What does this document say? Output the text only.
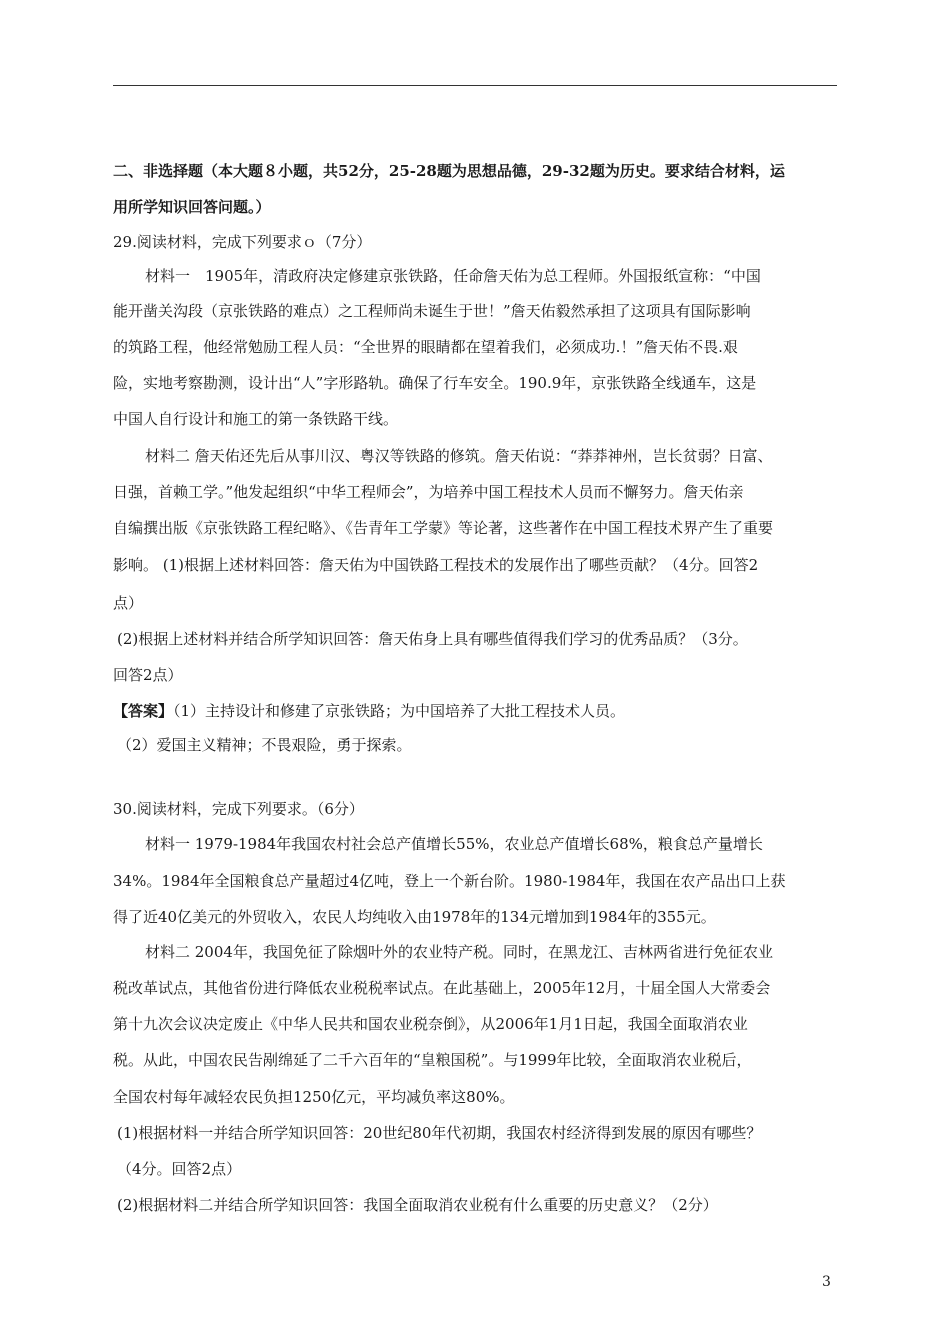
二、非选择题（本大题８小题，共52分，25-28题为思想品德，29-32题为历史。要求结合材料，运
用所学知识回答问题。）
29.阅读材料，完成下列要求ｏ（7分）
材料一　1905年，清政府决定修建京张铁路，任命詹天佑为总工程师。外国报纸宣称：“中国
能开凿关沟段（京张铁路的难点）之工程师尚未诞生于世！”詹天佑毅然承担了这项具有国际影响
的筑路工程，他经常勉励工程人员：“全世界的眼睛都在望着我们，必须成功.！”詹天佑不畏.艰
险，实地考察勘测，设计出“人”字形路轨。确保了行车安全。190.9年，京张铁路全线通车，这是
中国人自行设计和施工的第一条铁路干线。
材料二 詹天佑还先后从事川汉、粤汉等铁路的修筑。詹天佑说：“莽莽神州，岂长贫弱？日富、
日强，首赖工学。”他发起组织“中华工程师会”，为培养中国工程技术人员而不懈努力。詹天佑亲
自编撰出版《京张铁路工程纪略》、《告青年工学蒙》等论著，这些著作在中国工程技术界产生了重要
影响。 (1)根据上述材料回答：詹天佑为中国铁路工程技术的发展作出了哪些贡献？（4分。回答2
点）
(2)根据上述材料并结合所学知识回答：詹天佑身上具有哪些值得我们学习的优秀品质？（3分。
回答2点）
【答案】（1）主持设计和修建了京张铁路；为中国培养了大批工程技术人员。
（2）爱国主义精神；不畏艰险，勇于探索。
30.阅读材料，完成下列要求。（6分）
材料一 1979-1984年我国农村社会总产值增长55%，农业总产值增长68%，粮食总产量增长
34%。1984年全国粮食总产量超过4亿吨，登上一个新台阶。1980-1984年，我国在农产品出口上获
得了近40亿美元的外贸收入，农民人均纯收入由1978年的134元增加到1984年的355元。
材料二 2004年，我国免征了除烟叶外的农业特产税。同时，在黑龙江、吉林两省进行免征农业
税改革试点，其他省份进行降低农业税税率试点。在此基础上，2005年12月，十届全国人大常委会
第十九次会议决定废止《中华人民共和国农业税奈倒》，从2006年1月1日起，我国全面取消农业
税。从此，中国农民告剐绵延了二千六百年的“皇粮国税”。与1999年比较，全面取消农业税后，
全国农村每年减轻农民负担1250亿元，平均减负率这80%。
(1)根据材料一并结合所学知识回答：20世纪80年代初期，我国农村经济得到发展的原因有哪些？
（4分。回答2点）
(2)根据材料二并结合所学知识回答：我国全面取消农业税有什么重要的历史意义？（2分）
3
